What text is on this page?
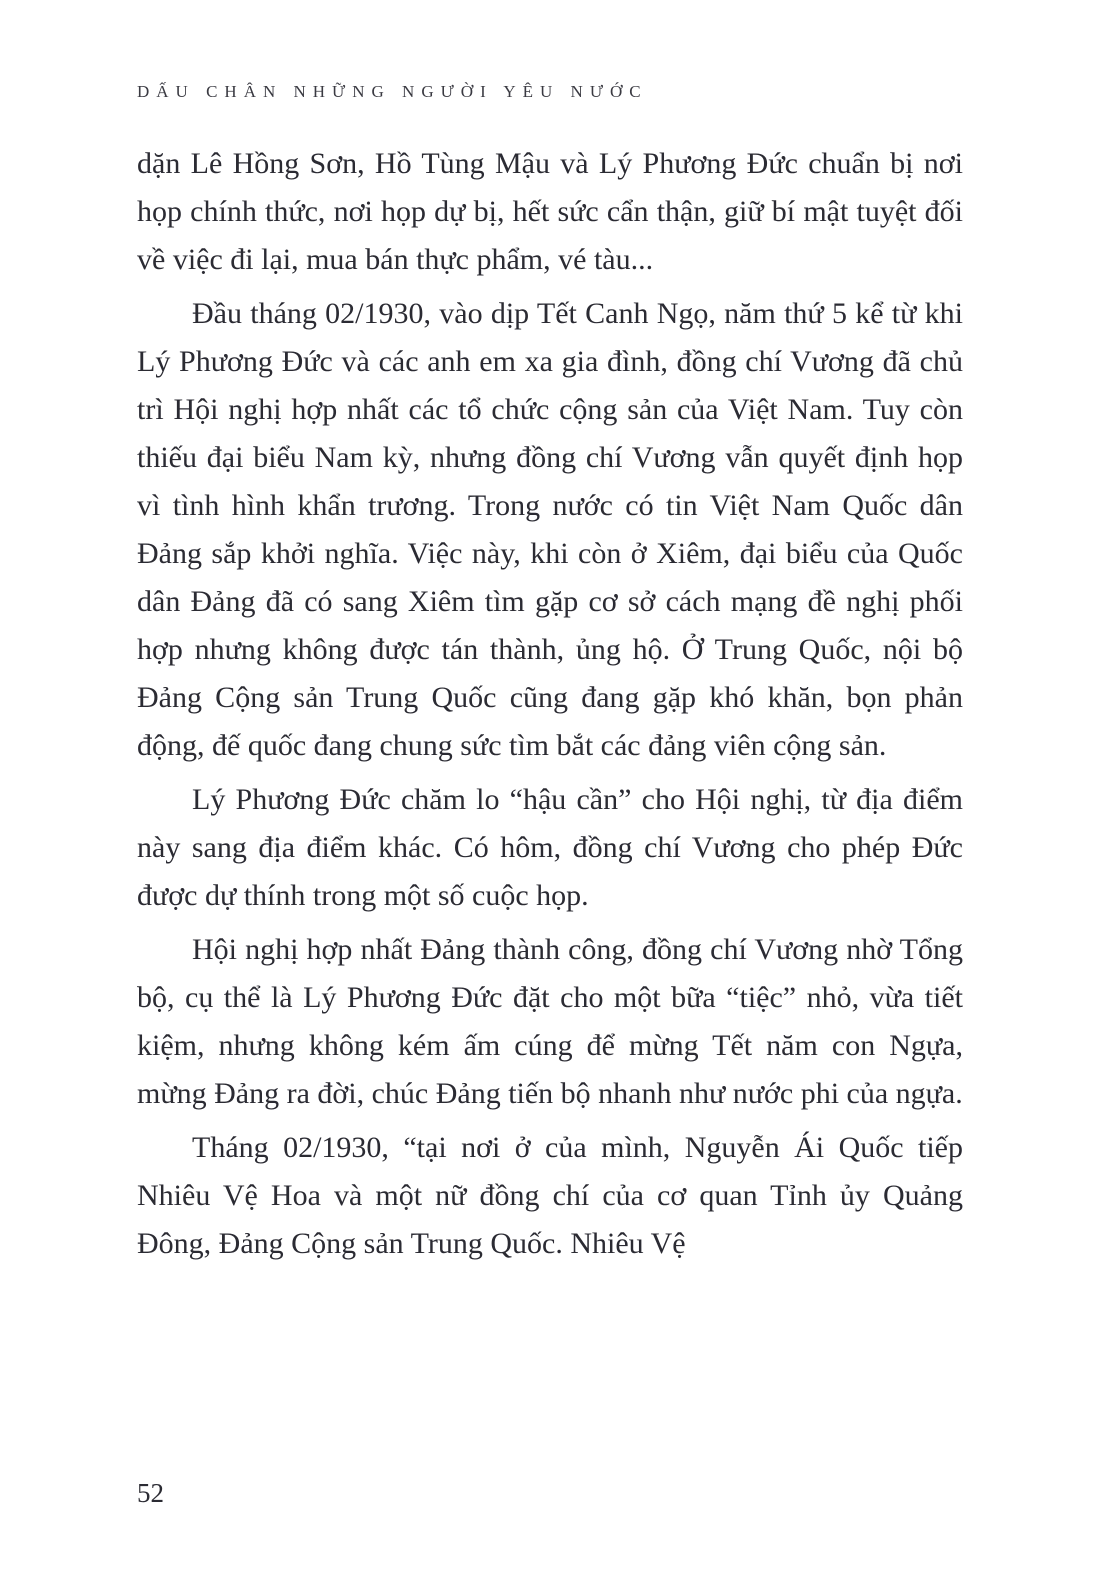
DẤU CHÂN NHỮNG NGƯỜI YÊU NƯỚC

dặn Lê Hồng Sơn, Hồ Tùng Mậu và Lý Phương Đức chuẩn bị nơi họp chính thức, nơi họp dự bị, hết sức cẩn thận, giữ bí mật tuyệt đối về việc đi lại, mua bán thực phẩm, vé tàu...

Đầu tháng 02/1930, vào dịp Tết Canh Ngọ, năm thứ 5 kể từ khi Lý Phương Đức và các anh em xa gia đình, đồng chí Vương đã chủ trì Hội nghị hợp nhất các tổ chức cộng sản của Việt Nam. Tuy còn thiếu đại biểu Nam kỳ, nhưng đồng chí Vương vẫn quyết định họp vì tình hình khẩn trương. Trong nước có tin Việt Nam Quốc dân Đảng sắp khởi nghĩa. Việc này, khi còn ở Xiêm, đại biểu của Quốc dân Đảng đã có sang Xiêm tìm gặp cơ sở cách mạng đề nghị phối hợp nhưng không được tán thành, ủng hộ. Ở Trung Quốc, nội bộ Đảng Cộng sản Trung Quốc cũng đang gặp khó khăn, bọn phản động, đế quốc đang chung sức tìm bắt các đảng viên cộng sản.

Lý Phương Đức chăm lo “hậu cần” cho Hội nghị, từ địa điểm này sang địa điểm khác. Có hôm, đồng chí Vương cho phép Đức được dự thính trong một số cuộc họp.

Hội nghị hợp nhất Đảng thành công, đồng chí Vương nhờ Tổng bộ, cụ thể là Lý Phương Đức đặt cho một bữa “tiệc” nhỏ, vừa tiết kiệm, nhưng không kém ấm cúng để mừng Tết năm con Ngựa, mừng Đảng ra đời, chúc Đảng tiến bộ nhanh như nước phi của ngựa.

Tháng 02/1930, “tại nơi ở của mình, Nguyễn Ái Quốc tiếp Nhiêu Vệ Hoa và một nữ đồng chí của cơ quan Tỉnh ủy Quảng Đông, Đảng Cộng sản Trung Quốc. Nhiêu Vệ

52
